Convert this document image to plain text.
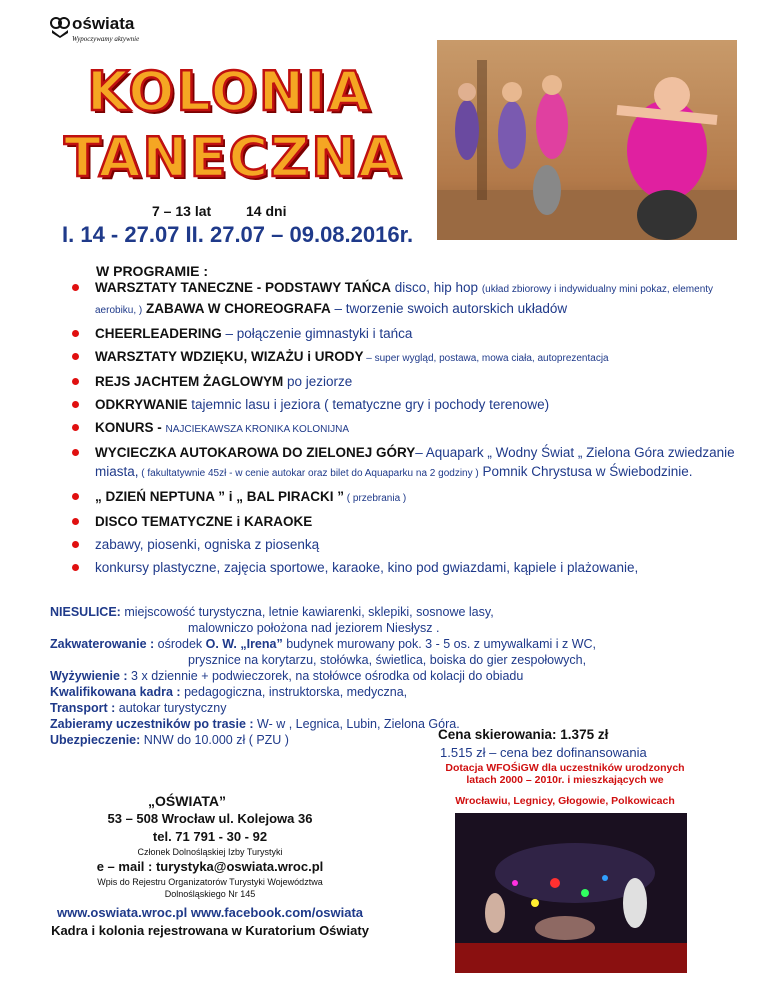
oświata
Wypoczywamy aktywnie
KOLONIA
TANECZNA
7 – 13 lat 14 dni
I. 14 - 27.07 II. 27.07 – 09.08.2016r.
W PROGRAMIE :
WARSZTATY TANECZNE - PODSTAWY TAŃCA disco, hip hop (układ zbiorowy i indywidualny mini pokaz, elementy aerobiku, ) ZABAWA W CHOREOGRAFA – tworzenie swoich autorskich układów
CHEERLEADERING – połączenie gimnastyki i tańca
WARSZTATY WDZIĘKU, WIZAŻU i URODY – super wygląd, postawa, mowa ciała, autoprezentacja
REJS JACHTEM ŻAGLOWYM po jeziorze
ODKRYWANIE tajemnic lasu i jeziora ( tematyczne gry i pochody terenowe)
KONURS - NAJCIEKAWSZA KRONIKA KOLONIJNA
WYCIECZKA AUTOKAROWA DO ZIELONEJ GÓRY– Aquapark „ Wodny Świat „ Zielona Góra zwiedzanie miasta, ( fakultatywnie 45zł - w cenie autokar oraz bilet do Aquaparku na 2 godziny ) Pomnik Chrystusa w Świebodzinie.
„ DZIEŃ NEPTUNA ” i „ BAL PIRACKI ” ( przebrania )
DISCO TEMATYCZNE i KARAOKE
zabawy, piosenki, ogniska z piosenką
konkursy plastyczne, zajęcia sportowe, karaoke, kino pod gwiazdami, kąpiele i plażowanie,
NIESULICE: miejscowość turystyczna, letnie kawiarenki, sklepiki, sosnowe lasy,
malowniczo położona nad jeziorem Niesłysz .
Zakwaterowanie : ośrodek O. W. „Irena” budynek murowany pok. 3 - 5 os. z umywalkami i z WC,
prysznice na korytarzu, stołówka, świetlica, boiska do gier zespołowych,
Wyżywienie : 3 x dziennie + podwieczorek, na stołówce ośrodka od kolacji do obiadu
Kwalifikowana kadra : pedagogiczna, instruktorska, medyczna,
Transport : autokar turystyczny
Zabieramy uczestników po trasie : W- w , Legnica, Lubin, Zielona Góra.
Ubezpieczenie: NNW do 10.000 zł ( PZU )	Cena skierowania: 1.375 zł
1.515 zł – cena bez dofinansowania
Dotacja WFOŚiGW dla uczestników urodzonych latach 2000 – 2010r. i mieszkających we
Wrocławiu, Legnicy, Głogowie, Polkowicach
„OŚWIATA”
53 – 508 Wrocław ul. Kolejowa 36
tel. 71 791 - 30 - 92
Członek Dolnośląskiej Izby Turystyki
e – mail : turystyka@oswiata.wroc.pl
Wpis do Rejestru Organizatorów Turystyki Województwa Dolnośląskiego Nr 145
www.oswiata.wroc.pl www.facebook.com/oswiata
Kadra i kolonia rejestrowana w Kuratorium Oświaty
